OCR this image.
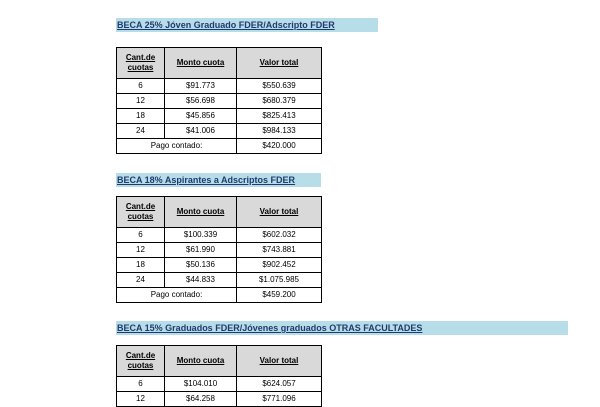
BECA 25% Jóven Graduado FDER/Adscripto FDER
Cant.de cuotas	Monto cuota	Valor total
6	$91.773	$550.639
12	$56.698	$680.379
18	$45.856	$825.413
24	$41.006	$984.133
Pago contado:		$420.000
BECA 18% Aspirantes a Adscriptos FDER
Cant.de cuotas	Monto cuota	Valor total
6	$100.339	$602.032
12	$61.990	$743.881
18	$50.136	$902.452
24	$44.833	$1.075.985
Pago contado:		$459.200
BECA 15% Graduados FDER/Jóvenes graduados OTRAS FACULTADES
Cant.de cuotas	Monto cuota	Valor total
6	$104.010	$624.057
12	$64.258	$771.096
